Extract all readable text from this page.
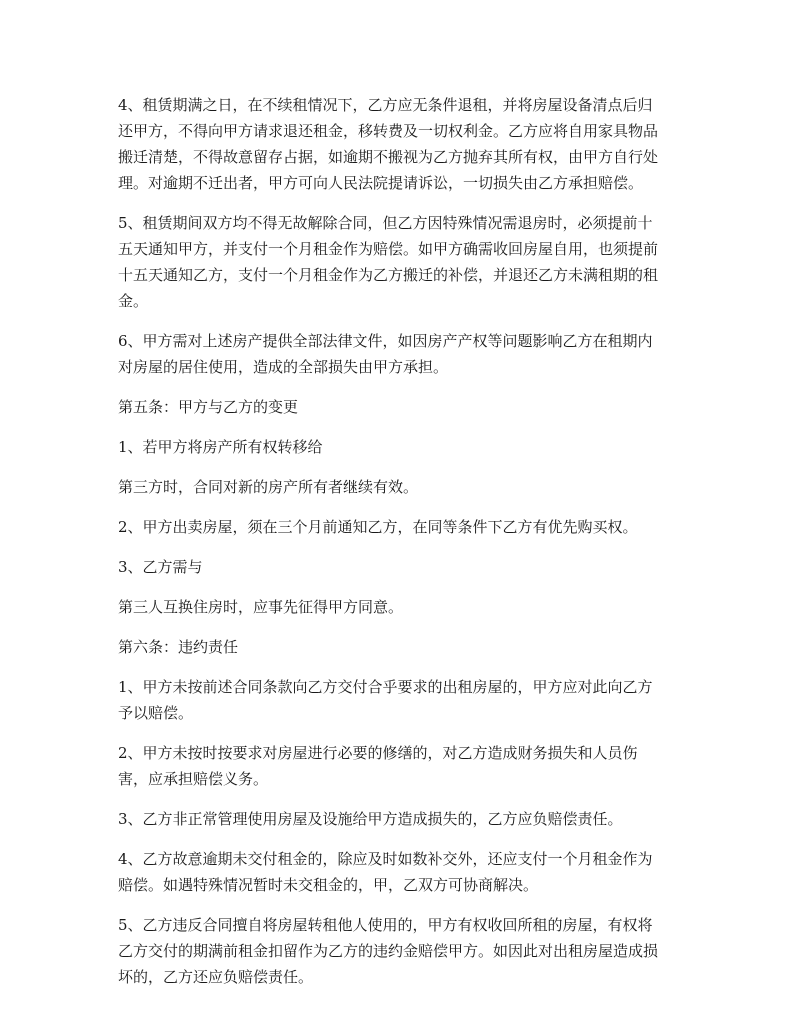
4、租赁期满之日，在不续租情况下，乙方应无条件退租，并将房屋设备清点后归
还甲方，不得向甲方请求退还租金，移转费及一切权利金。乙方应将自用家具物品
搬迁清楚，不得故意留存占据，如逾期不搬视为乙方抛弃其所有权，由甲方自行处
理。对逾期不迁出者，甲方可向人民法院提请诉讼，一切损失由乙方承担赔偿。

5、租赁期间双方均不得无故解除合同，但乙方因特殊情况需退房时，必须提前十
五天通知甲方，并支付一个月租金作为赔偿。如甲方确需收回房屋自用，也须提前
十五天通知乙方，支付一个月租金作为乙方搬迁的补偿，并退还乙方未满租期的租
金。

6、甲方需对上述房产提供全部法律文件，如因房产产权等问题影响乙方在租期内
对房屋的居住使用，造成的全部损失由甲方承担。

第五条：甲方与乙方的变更

1、若甲方将房产所有权转移给

第三方时，合同对新的房产所有者继续有效。

2、甲方出卖房屋，须在三个月前通知乙方，在同等条件下乙方有优先购买权。

3、乙方需与

第三人互换住房时，应事先征得甲方同意。

第六条：违约责任

1、甲方未按前述合同条款向乙方交付合乎要求的出租房屋的，甲方应对此向乙方
予以赔偿。

2、甲方未按时按要求对房屋进行必要的修缮的，对乙方造成财务损失和人员伤
害，应承担赔偿义务。

3、乙方非正常管理使用房屋及设施给甲方造成损失的，乙方应负赔偿责任。

4、乙方故意逾期未交付租金的，除应及时如数补交外，还应支付一个月租金作为
赔偿。如遇特殊情况暂时未交租金的，甲，乙双方可协商解决。

5、乙方违反合同擅自将房屋转租他人使用的，甲方有权收回所租的房屋，有权将
乙方交付的期满前租金扣留作为乙方的违约金赔偿甲方。如因此对出租房屋造成损
坏的，乙方还应负赔偿责任。
